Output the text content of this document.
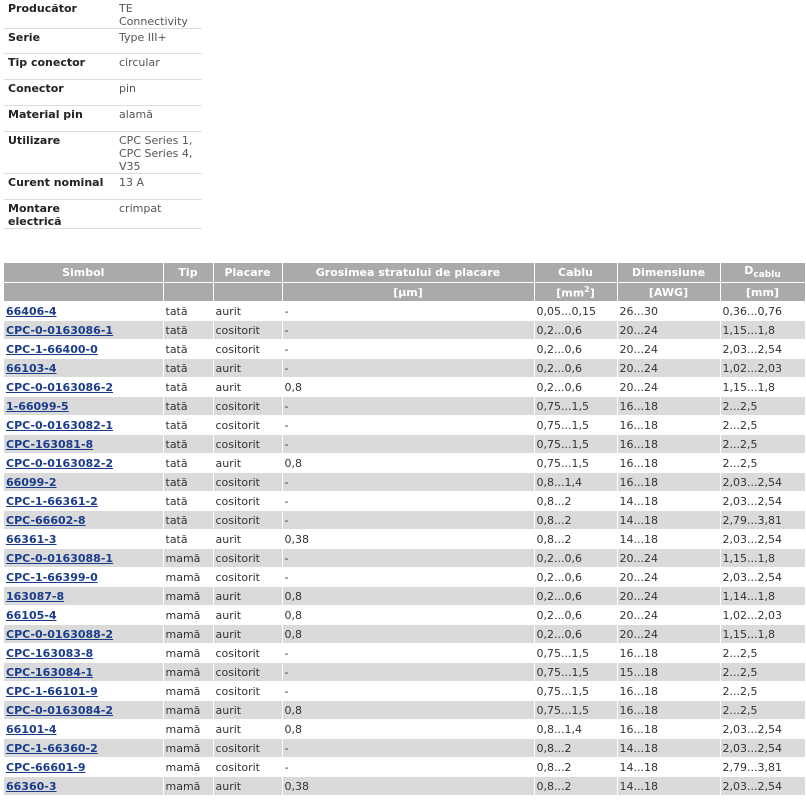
Producător	TE Connectivity
Serie	Type III+
Tip conector	circular
Conector	pin
Material pin	alamă
Utilizare	CPC Series 1, CPC Series 4, V35
Curent nominal	13 A
Montare electrică	crimpat
Simbol	Tip	Placare	Grosimea stratului de placare	Cablu	Dimensiune	$D_{cablu}$
			[µm]	$[mm^2]$	[AWG]	[mm]
66406-4	tată	aurit	-	0,05...0,15	26...30	0,36...0,76
CPC-0-0163086-1	tată	cositorit	-	0,2...0,6	20...24	1,15...1,8
CPC-1-66400-0	tată	cositorit	-	0,2...0,6	20...24	2,03...2,54
66103-4	tată	aurit	-	0,2...0,6	20...24	1,02...2,03
CPC-0-0163086-2	tată	aurit	0,8	0,2...0,6	20...24	1,15...1,8
1-66099-5	tată	cositorit	-	0,75...1,5	16...18	2...2,5
CPC-0-0163082-1	tată	cositorit	-	0,75...1,5	16...18	2...2,5
CPC-163081-8	tată	cositorit	-	0,75...1,5	16...18	2...2,5
CPC-0-0163082-2	tată	aurit	0,8	0,75...1,5	16...18	2...2,5
66099-2	tată	cositorit	-	0,8...1,4	16...18	2,03...2,54
CPC-1-66361-2	tată	cositorit	-	0,8...2	14...18	2,03...2,54
CPC-66602-8	tată	cositorit	-	0,8...2	14...18	2,79...3,81
66361-3	tată	aurit	0,38	0,8...2	14...18	2,03...2,54
CPC-0-0163088-1	mamă	cositorit	-	0,2...0,6	20...24	1,15...1,8
CPC-1-66399-0	mamă	cositorit	-	0,2...0,6	20...24	2,03...2,54
163087-8	mamă	aurit	0,8	0,2...0,6	20...24	1,14...1,8
66105-4	mamă	aurit	0,8	0,2...0,6	20...24	1,02...2,03
CPC-0-0163088-2	mamă	aurit	0,8	0,2...0,6	20...24	1,15...1,8
CPC-163083-8	mamă	cositorit	-	0,75...1,5	16...18	2...2,5
CPC-163084-1	mamă	cositorit	-	0,75...1,5	15...18	2...2,5
CPC-1-66101-9	mamă	cositorit	-	0,75...1,5	16...18	2...2,5
CPC-0-0163084-2	mamă	aurit	0,8	0,75...1,5	16...18	2...2,5
66101-4	mamă	aurit	0,8	0,8...1,4	16...18	2,03...2,54
CPC-1-66360-2	mamă	cositorit	-	0,8...2	14...18	2,03...2,54
CPC-66601-9	mamă	cositorit	-	0,8...2	14...18	2,79...3,81
66360-3	mamă	aurit	0,38	0,8...2	14...18	2,03...2,54
